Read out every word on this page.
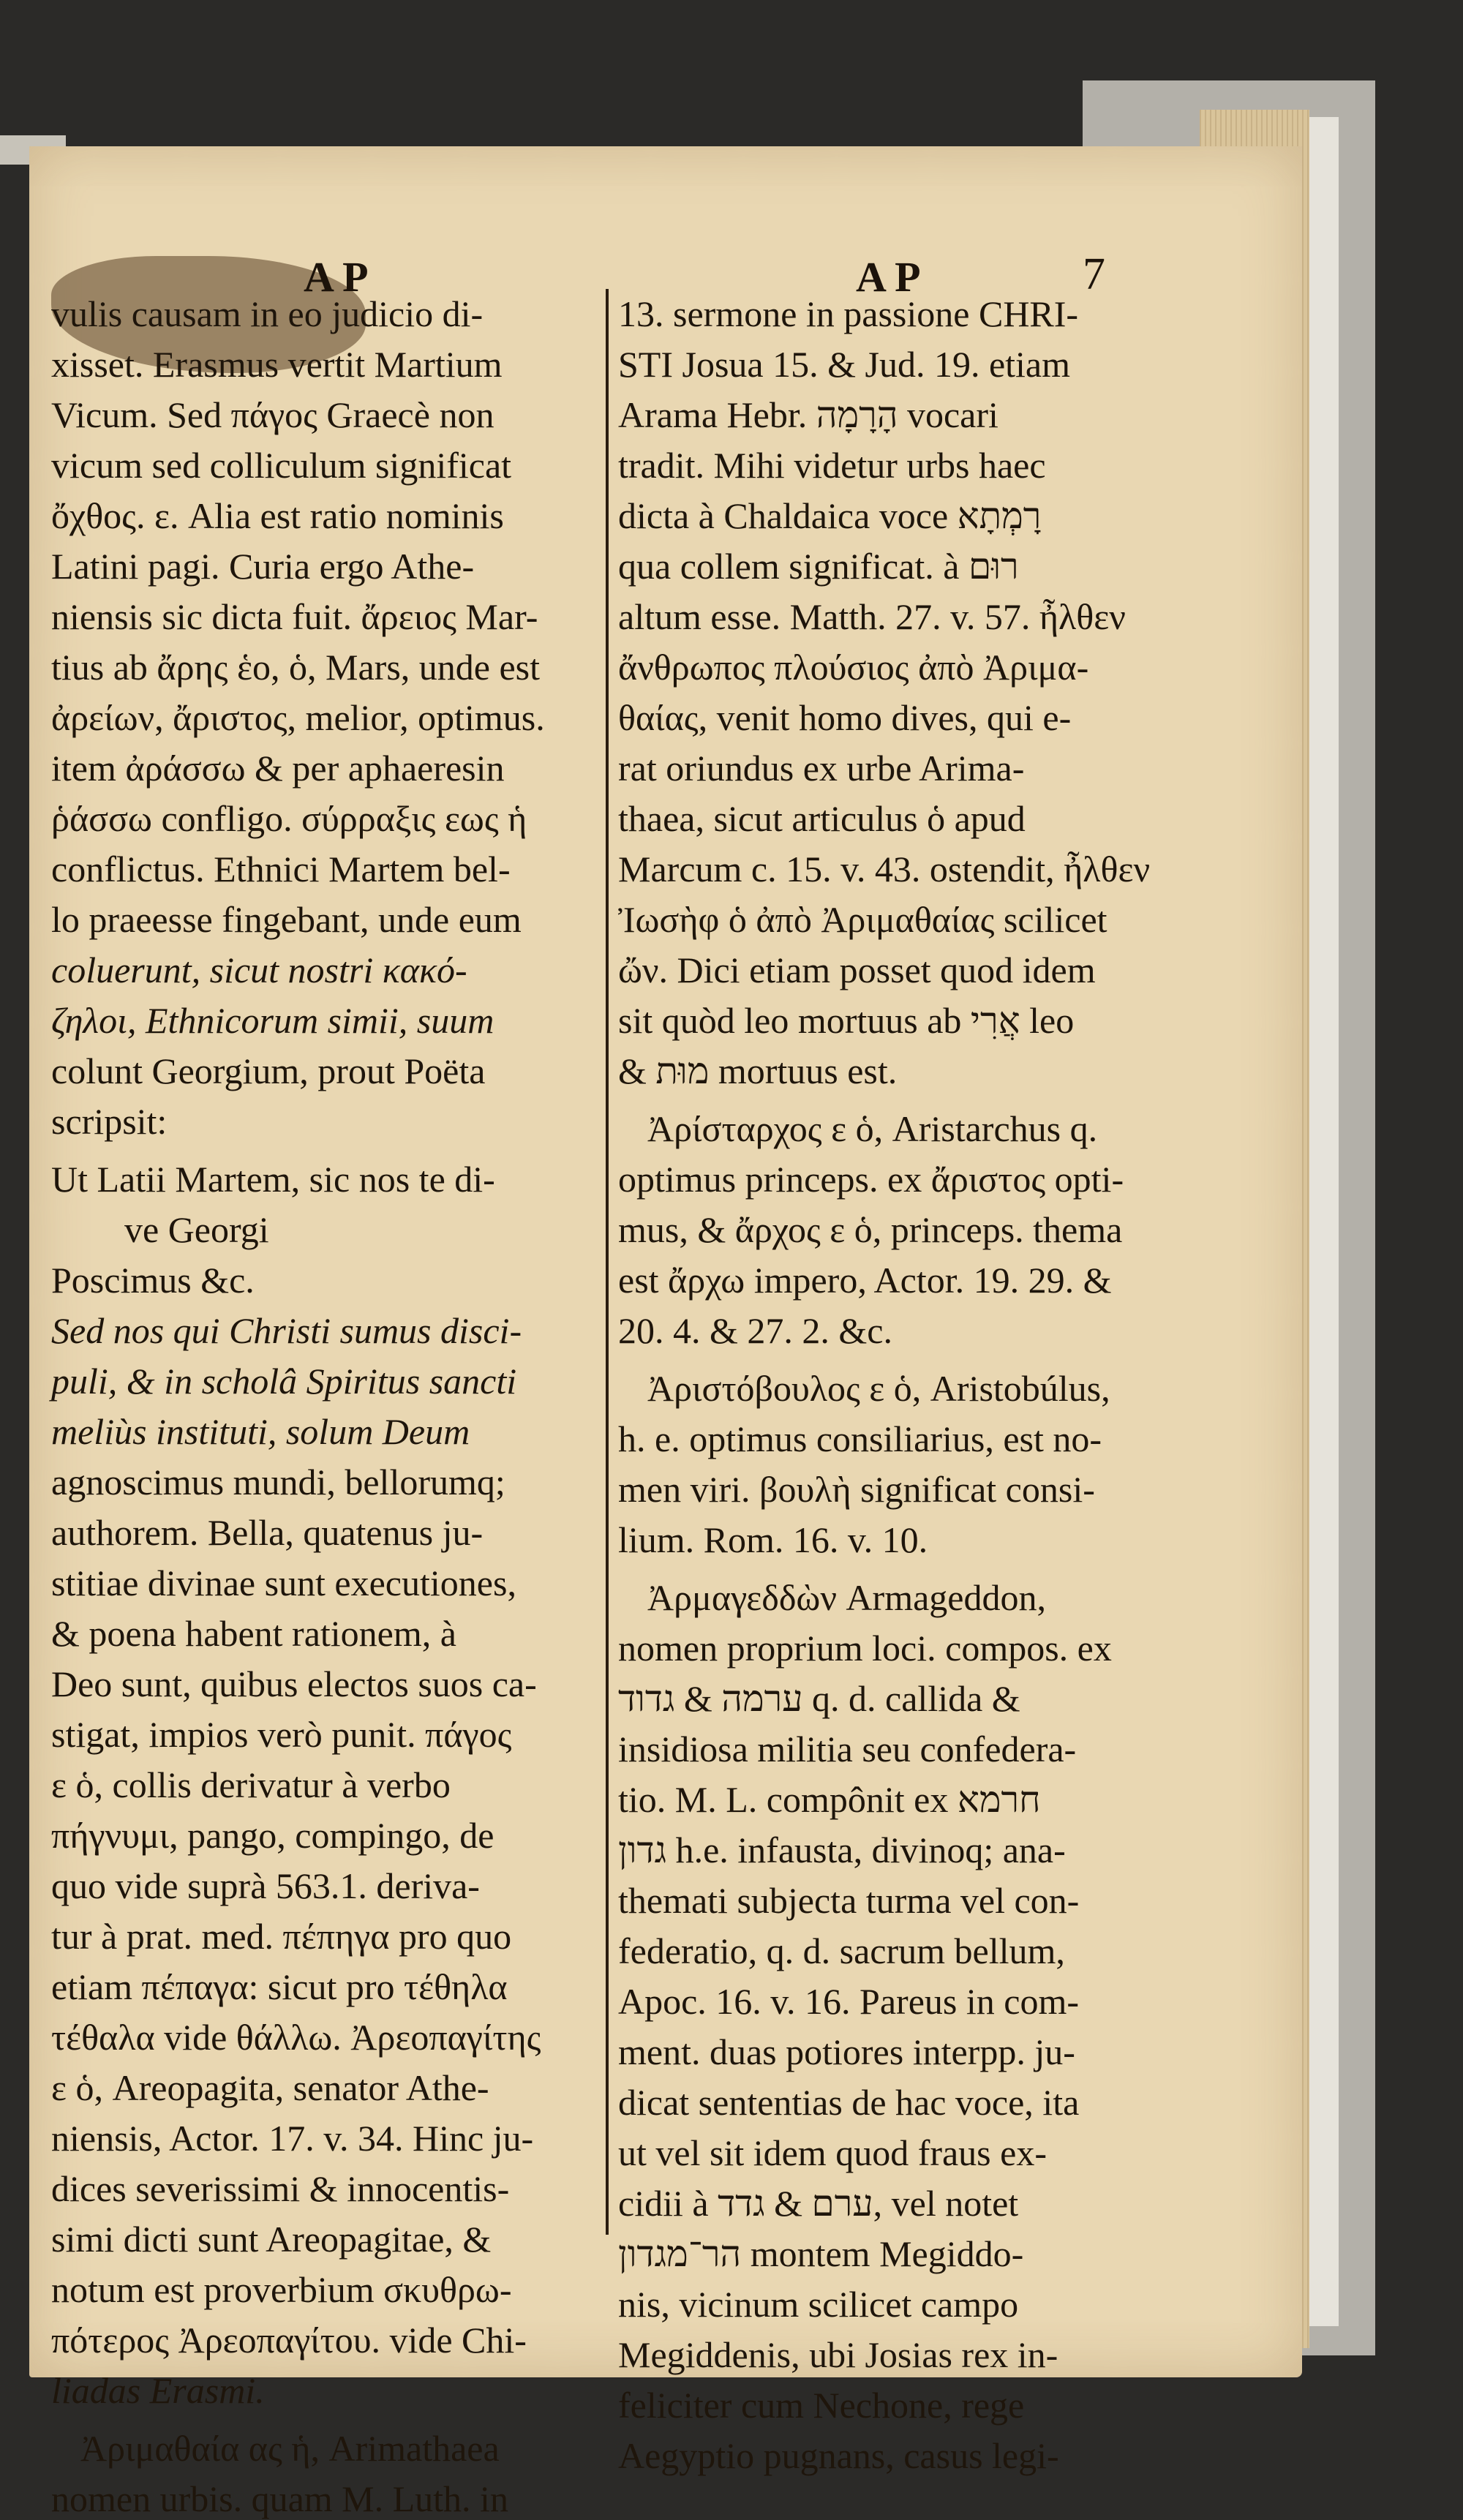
A P	A P	7
vulis causam in eo judicio di-
xisset. Erasmus vertit Martium
Vicum. Sed πάγος Graecè non
vicum sed colliculum significat
ὄχθος. ε. Alia est ratio nominis
Latini pagi. Curia ergo Athe-
niensis sic dicta fuit. ἄρειος Mar-
tius ab ἄρης ἑο, ὁ, Mars, unde est
ἀρείων, ἄριστος, melior, optimus.
item ἀράσσω & per aphaeresin
ῥάσσω confligo. σύρραξις εως ἡ
conflictus. Ethnici Martem bel-
lo praeesse fingebant, unde eum
coluerunt, sicut nostri κακό-
ζηλοι, Ethnicorum simii, suum
colunt Georgium, prout Poëta
scripsit:
Ut Latii Martem, sic nos te di-
ve Georgi
Poscimus &c.
Sed nos qui Christi sumus disci-
puli, & in scholâ Spiritus sancti
meliùs instituti, solum Deum
agnoscimus mundi, bellorumq;
authorem. Bella, quatenus ju-
stitiae divinae sunt executiones,
& poena habent rationem, à
Deo sunt, quibus electos suos ca-
stigat, impios verò punit. πάγος
ε ὁ, collis derivatur à verbo
πήγνυμι, pango, compingo, de
quo vide suprà 563.1. deriva-
tur à prat. med. πέπηγα pro quo
etiam πέπαγα: sicut pro τέθηλα
τέθαλα vide θάλλω. Ἀρεοπαγίτης
ε ὁ, Areopagita, senator Athe-
niensis, Actor. 17. v. 34. Hinc ju-
dices severissimi & innocentis-
simi dicti sunt Areopagitae, &
notum est proverbium σκυθρω-
πότερος Ἀρεοπαγίτου. vide Chi-
liadas Erasmi.
Ἀριμαθαία ας ἡ, Arimathaea
nomen urbis. quam M. Luth. in
13. sermone in passione CHRI-
STI Josua 15. & Jud. 19. etiam
Arama Hebr. הָרָמָה vocari
tradit. Mihi videtur urbs haec
dicta à Chaldaica voce רָמְתָא
qua collem significat. à רוּם
altum esse. Matth. 27. v. 57. ἦλθεν
ἄνθρωπος πλούσιος ἀπὸ Ἀριμα-
θαίας, venit homo dives, qui e-
rat oriundus ex urbe Arima-
thaea, sicut articulus ὁ apud
Marcum c. 15. v. 43. ostendit, ἦλθεν
Ἰωσὴφ ὁ ἀπὸ Ἀριμαθαίας scilicet
ὤν. Dici etiam posset quod idem
sit quòd leo mortuus ab אֲרִי leo
& מוּת mortuus est.
Ἀρίσταρχος ε ὁ, Aristarchus q.
optimus princeps. ex ἄριστος opti-
mus, & ἄρχος ε ὁ, princeps. thema
est ἄρχω impero, Actor. 19. 29. &
20. 4. & 27. 2. &c.
Ἀριστόβουλος ε ὁ, Aristobúlus,
h. e. optimus consiliarius, est no-
men viri. βουλὴ significat consi-
lium. Rom. 16. v. 10.
Ἀρμαγεδδὼν Armageddon,
nomen proprium loci. compos. ex
ערמה & גדוד q. d. callida &
insidiosa militia seu confedera-
tio. M. L. compônit ex חרמא
גדון h.e. infausta, divinoq; ana-
themati subjecta turma vel con-
federatio, q. d. sacrum bellum,
Apoc. 16. v. 16. Pareus in com-
ment. duas potiores interpp. ju-
dicat sententias de hac voce, ita
ut vel sit idem quod fraus ex-
cidii à ערם & גדד, vel notet
הר־מגדון montem Megiddo-
nis, vicinum scilicet campo
Megiddenis, ubi Josias rex in-
feliciter cum Nechone, rege
Aegyptio pugnans, casus legi-
